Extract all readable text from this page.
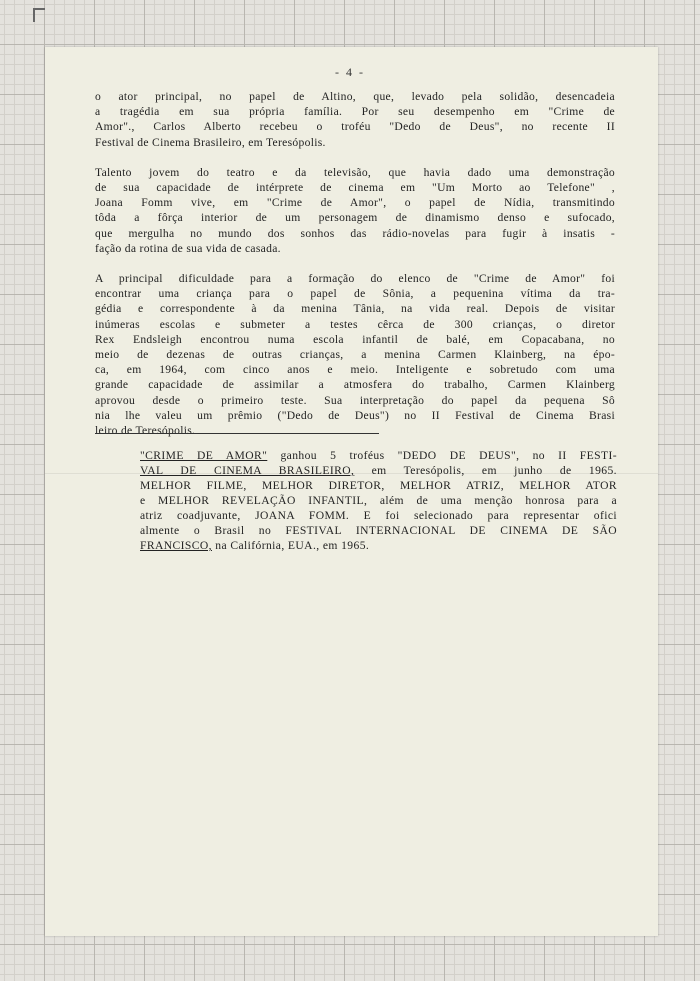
- 4 -

o ator principal, no papel de Altino, que, levado pela solidão, desencadeia
a tragédia em sua própria família. Por seu desempenho em "Crime de
Amor"., Carlos Alberto recebeu o troféu "Dedo de Deus", no recente II
Festival de Cinema Brasileiro, em Teresópolis.

Talento jovem do teatro e da televisão, que havia dado uma demonstração
de sua capacidade de intérprete de cinema em "Um Morto ao Telefone" ,
Joana Fomm vive, em "Crime de Amor", o papel de Nídia, transmitindo
tôda a fôrça interior de um personagem de dinamismo denso e sufocado,
que mergulha no mundo dos sonhos das rádio-novelas para fugir à insatis -
fação da rotina de sua vida de casada.

A principal dificuldade para a formação do elenco de "Crime de Amor" foi
encontrar uma criança para o papel de Sônia, a pequenina vítima da tra-
gédia e correspondente à da menina Tânia, na vida real. Depois de visitar
inúmeras escolas e submeter a testes cêrca de 300 crianças, o diretor
Rex Endsleigh encontrou numa escola infantil de balé, em Copacabana, no
meio de dezenas de outras crianças, a menina Carmen Klainberg, na épo-
ca, em 1964, com cinco anos e meio. Inteligente e sobretudo com uma
grande capacidade de assimilar a atmosfera do trabalho, Carmen Klainberg
aprovou desde o primeiro teste. Sua interpretação do papel da pequena Sô
nia lhe valeu um prêmio ("Dedo de Deus") no II Festival de Cinema Brasi
leiro de Teresópolis.

"CRIME DE AMOR" ganhou 5 troféus "DEDO DE DEUS", no II FESTI-
VAL DE CINEMA BRASILEIRO, em Teresópolis, em junho de 1965.
MELHOR FILME, MELHOR DIRETOR, MELHOR ATRIZ, MELHOR ATOR
e MELHOR REVELAÇÃO INFANTIL, além de uma menção honrosa para a
atriz coadjuvante, JOANA FOMM. E foi selecionado para representar ofici
almente o Brasil no FESTIVAL INTERNACIONAL DE CINEMA DE SÃO
FRANCISCO, na Califórnia, EUA., em 1965.
